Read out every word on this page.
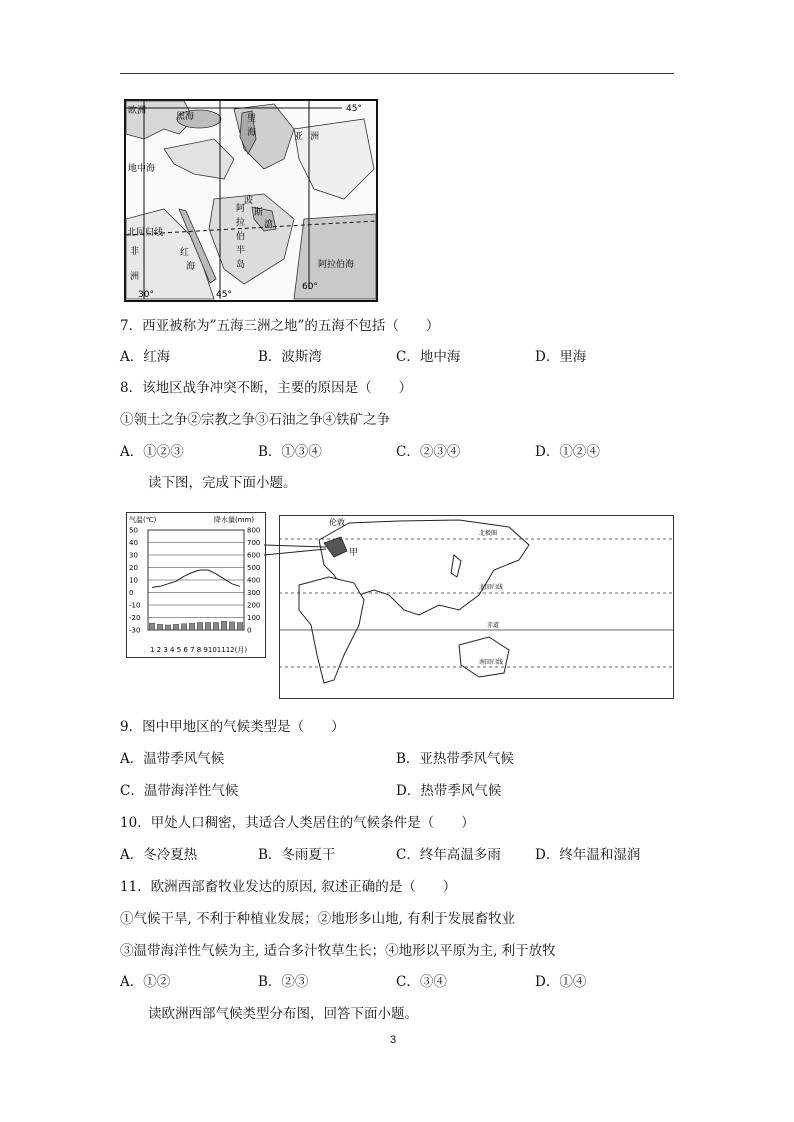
欧洲
黑海	里
海	亚 洲
45°
地中海
阿
拉
伯
半
岛
波
斯
湾
北回归线
非
洲
红
海	阿拉伯海
30°	45°
60°
7．西亚被称为”五海三洲之地”的五海不包括（　　）
A．红海	B．波斯湾	C．地中海	D．里海
8．该地区战争冲突不断，主要的原因是（　　）
①领土之争②宗教之争③石油之争④铁矿之争
A．①②③	B．①③④	C．②③④	D．①②④
读下图，完成下面小题。
气温(℃)	降水量(mm)
50	800
40	700
30	600
20	500
10	400
0	300
-10	200
-20	100
-30	0
1 2 3 4 5 6 7 8 9101112(月)
伦敦
甲
北极圈
北回归线
赤道
南回归线
9．图中甲地区的气候类型是（　　）
A．温带季风气候	B．亚热带季风气候
C．温带海洋性气候	D．热带季风气候
10．甲处人口稠密，其适合人类居住的气候条件是（　　）
A．冬冷夏热	B．冬雨夏干	C．终年高温多雨	D．终年温和湿润
11．欧洲西部畜牧业发达的原因, 叙述正确的是（　　）
①气候干旱, 不利于种植业发展；②地形多山地, 有利于发展畜牧业
③温带海洋性气候为主, 适合多汁牧草生长；④地形以平原为主, 利于放牧
A．①②	B．②③	C．③④	D．①④
读欧洲西部气候类型分布图，回答下面小题。
3
